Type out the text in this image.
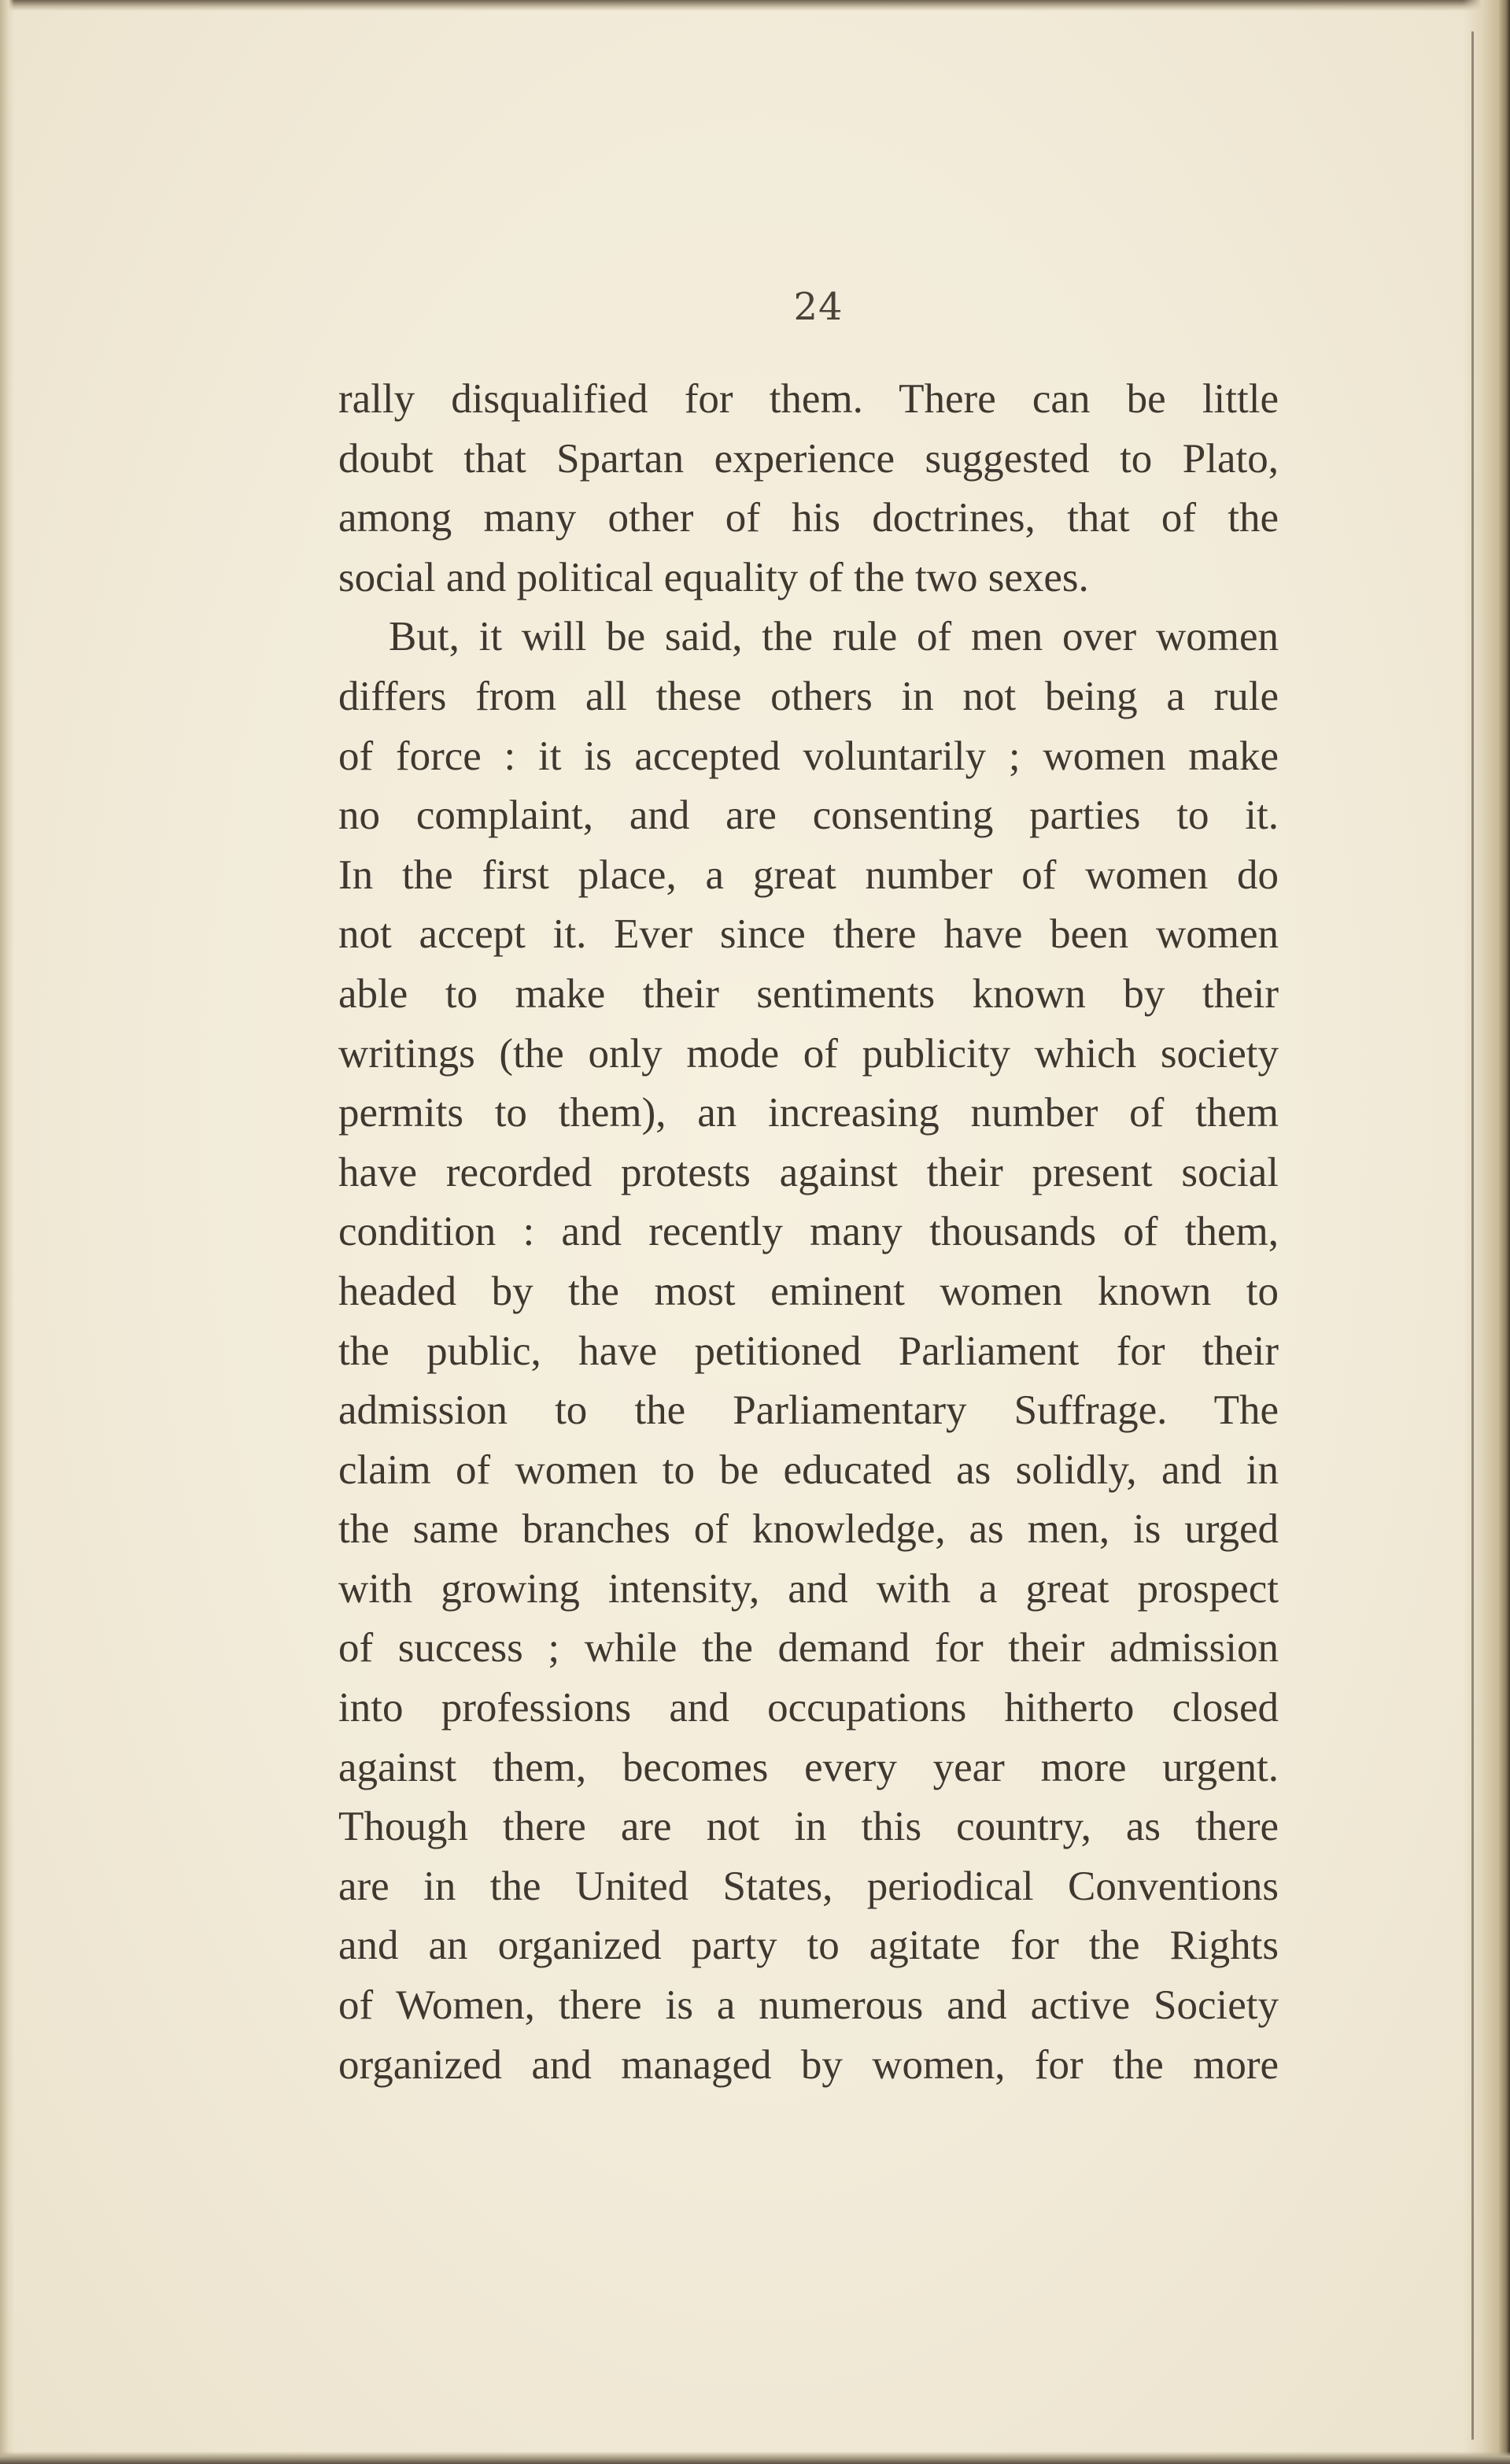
24
rally disqualified for them. There can be little
doubt that Spartan experience suggested to Plato,
among many other of his doctrines, that of the
social and political equality of the two sexes.
But, it will be said, the rule of men over women
differs from all these others in not being a rule
of force : it is accepted voluntarily ; women make
no complaint, and are consenting parties to it.
In the first place, a great number of women do
not accept it. Ever since there have been women
able to make their sentiments known by their
writings (the only mode of publicity which society
permits to them), an increasing number of them
have recorded protests against their present social
condition : and recently many thousands of them,
headed by the most eminent women known to
the public, have petitioned Parliament for their
admission to the Parliamentary Suffrage. The
claim of women to be educated as solidly, and in
the same branches of knowledge, as men, is urged
with growing intensity, and with a great prospect
of success ; while the demand for their admission
into professions and occupations hitherto closed
against them, becomes every year more urgent.
Though there are not in this country, as there
are in the United States, periodical Conventions
and an organized party to agitate for the Rights
of Women, there is a numerous and active Society
organized and managed by women, for the more
